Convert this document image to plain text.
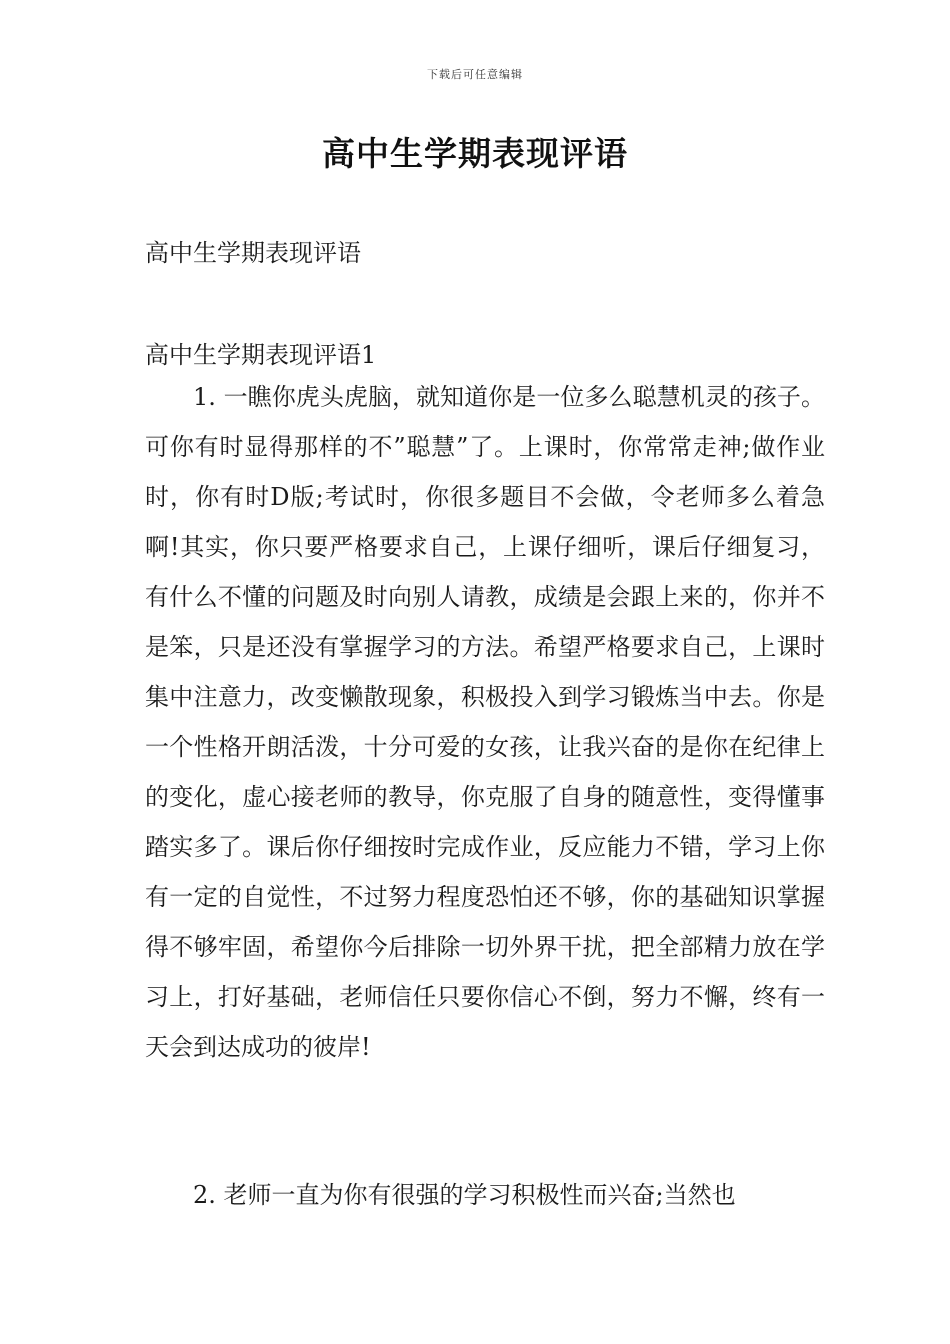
下载后可任意编辑
高中生学期表现评语

高中生学期表现评语

高中生学期表现评语1

1. 一瞧你虎头虎脑，就知道你是一位多么聪慧机灵的孩子。可你有时显得那样的不”聪慧”了。上课时，你常常走神;做作业时，你有时D版;考试时，你很多题目不会做，令老师多么着急啊!其实，你只要严格要求自己，上课仔细听，课后仔细复习，有什么不懂的问题及时向别人请教，成绩是会跟上来的，你并不是笨，只是还没有掌握学习的方法。希望严格要求自己，上课时集中注意力，改变懒散现象，积极投入到学习锻炼当中去。你是一个性格开朗活泼，十分可爱的女孩，让我兴奋的是你在纪律上的变化，虚心接老师的教导，你克服了自身的随意性，变得懂事踏实多了。课后你仔细按时完成作业，反应能力不错，学习上你有一定的自觉性，不过努力程度恐怕还不够，你的基础知识掌握得不够牢固，希望你今后排除一切外界干扰，把全部精力放在学习上，打好基础，老师信任只要你信心不倒，努力不懈，终有一天会到达成功的彼岸!

2. 老师一直为你有很强的学习积极性而兴奋;当然也
